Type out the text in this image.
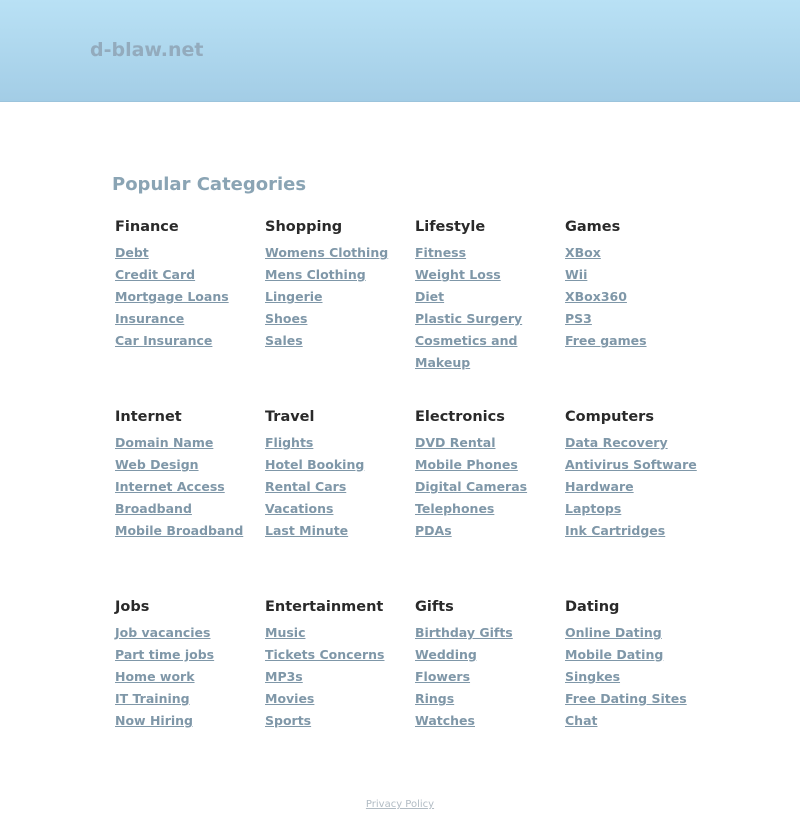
d-blaw.net
Popular Categories
Finance
Debt
Credit Card
Mortgage Loans
Insurance
Car Insurance
Shopping
Womens Clothing
Mens Clothing
Lingerie
Shoes
Sales
Lifestyle
Fitness
Weight Loss
Diet
Plastic Surgery
Cosmetics and Makeup
Games
XBox
Wii
XBox360
PS3
Free games
Internet
Domain Name
Web Design
Internet Access
Broadband
Mobile Broadband
Travel
Flights
Hotel Booking
Rental Cars
Vacations
Last Minute
Electronics
DVD Rental
Mobile Phones
Digital Cameras
Telephones
PDAs
Computers
Data Recovery
Antivirus Software
Hardware
Laptops
Ink Cartridges
Jobs
Job vacancies
Part time jobs
Home work
IT Training
Now Hiring
Entertainment
Music
Tickets Concerns
MP3s
Movies
Sports
Gifts
Birthday Gifts
Wedding
Flowers
Rings
Watches
Dating
Online Dating
Mobile Dating
Singkes
Free Dating Sites
Chat
Privacy Policy
